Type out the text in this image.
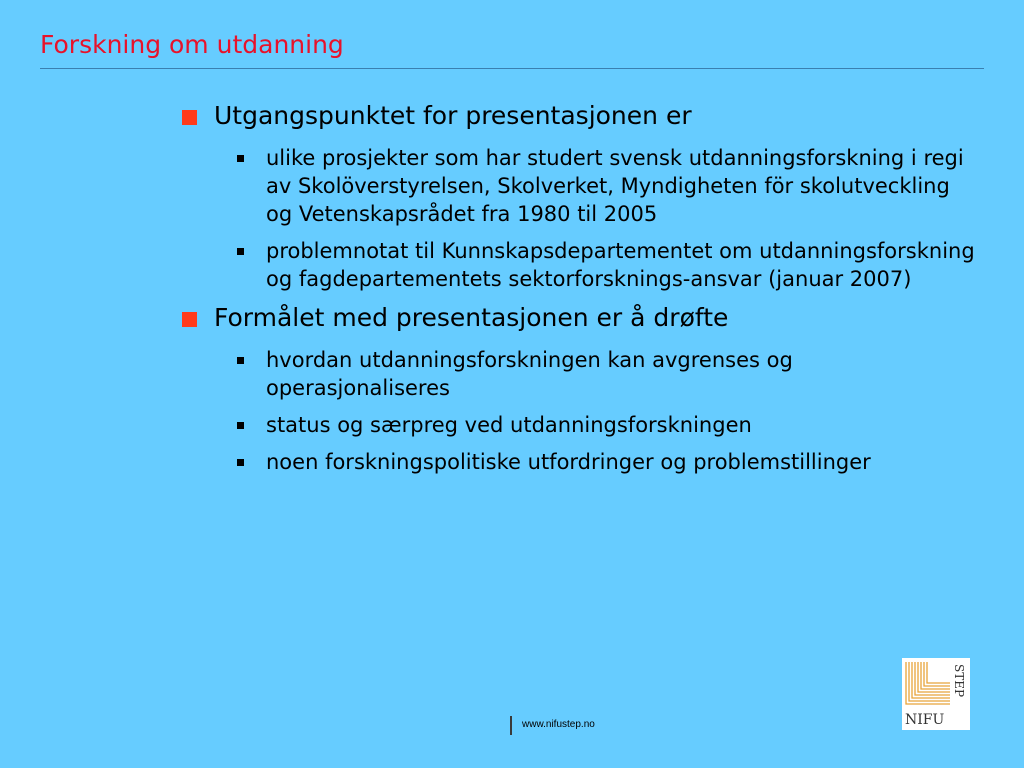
Forskning om utdanning
Utgangspunktet for presentasjonen er
ulike prosjekter som har studert svensk utdanningsforskning i regi av Skolöverstyrelsen, Skolverket, Myndigheten för skolutveckling og Vetenskapsrådet fra 1980 til 2005
problemnotat til Kunnskapsdepartementet om utdanningsforskning og fagdepartementets sektorforsknings-ansvar (januar 2007)
Formålet med presentasjonen er å drøfte
hvordan utdanningsforskningen kan avgrenses og operasjonaliseres
status og særpreg ved utdanningsforskningen
noen forskningspolitiske utfordringer og problemstillinger
www.nifustep.no	NIFU
STEP
